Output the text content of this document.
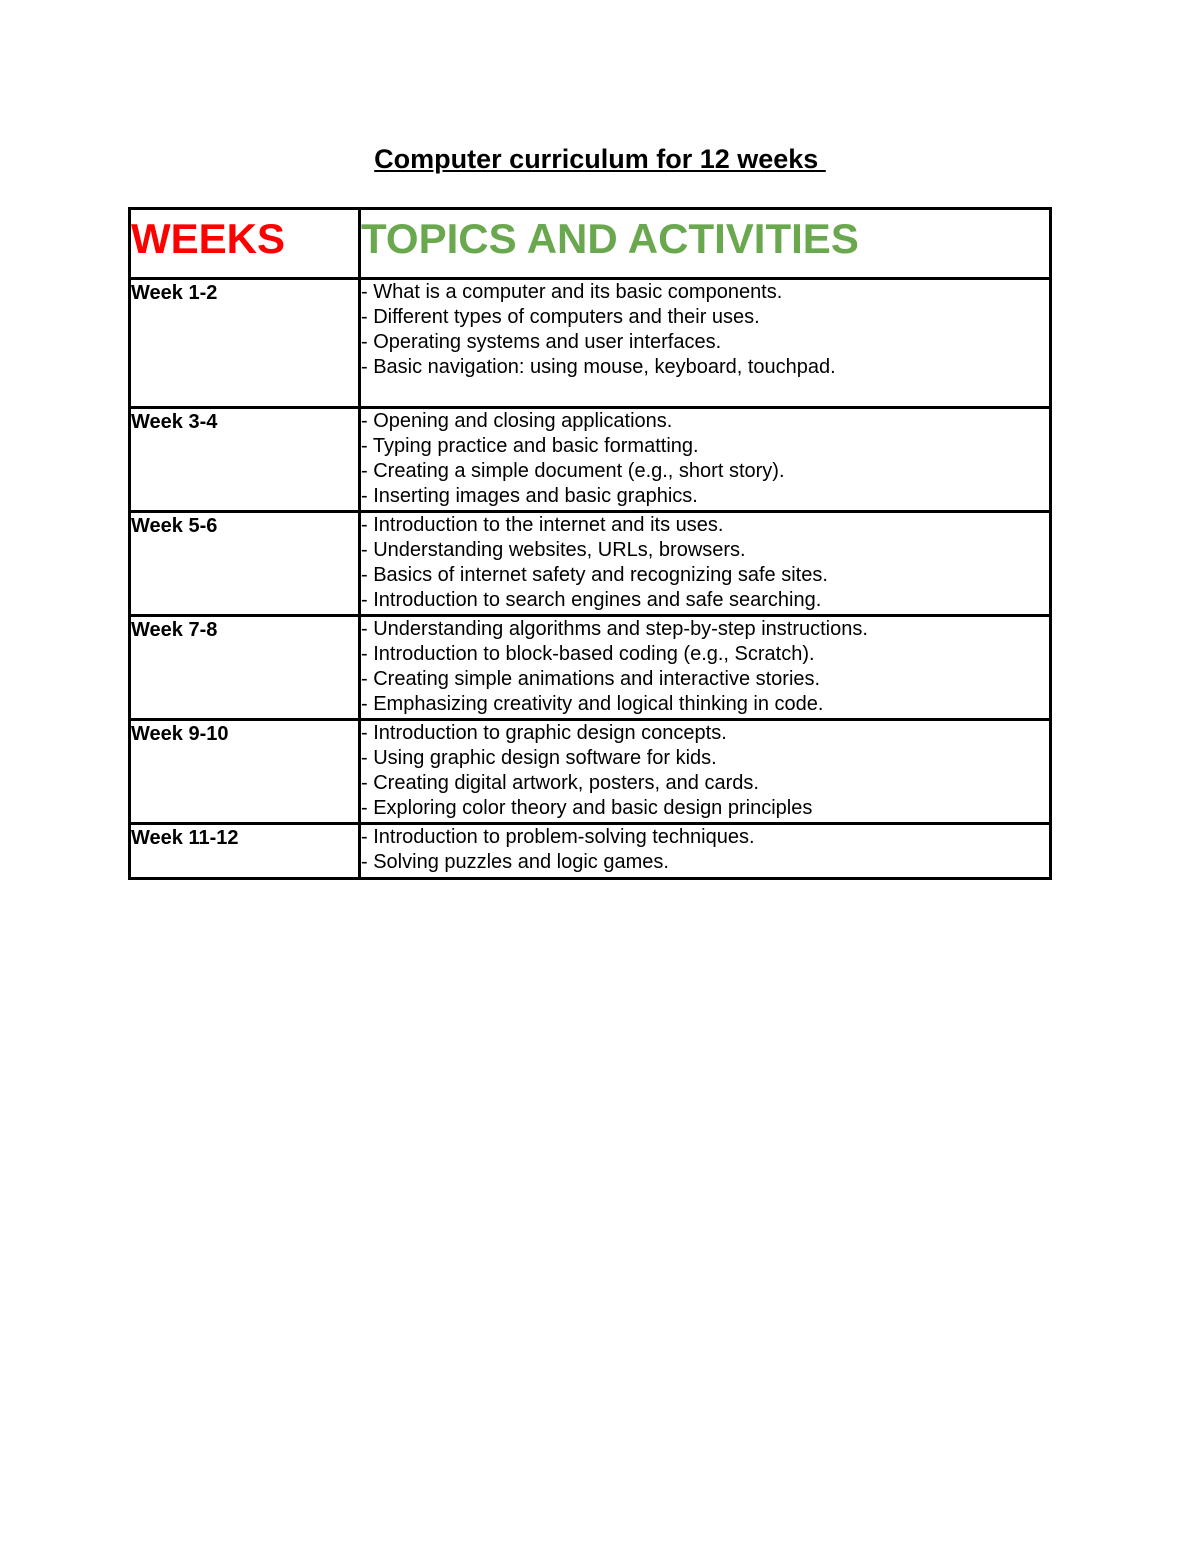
Computer curriculum for 12 weeks
WEEKS	TOPICS AND ACTIVITIES
Week 1-2	- What is a computer and its basic components.
- Different types of computers and their uses.
- Operating systems and user interfaces.
- Basic navigation: using mouse, keyboard, touchpad.

Week 3-4	- Opening and closing applications.
- Typing practice and basic formatting.
- Creating a simple document (e.g., short story).
- Inserting images and basic graphics.

Week 5-6	- Introduction to the internet and its uses.
- Understanding websites, URLs, browsers.
- Basics of internet safety and recognizing safe sites.
- Introduction to search engines and safe searching.

Week 7-8	- Understanding algorithms and step-by-step instructions.
- Introduction to block-based coding (e.g., Scratch).
- Creating simple animations and interactive stories.
- Emphasizing creativity and logical thinking in code.

Week 9-10	- Introduction to graphic design concepts.
- Using graphic design software for kids.
- Creating digital artwork, posters, and cards.
- Exploring color theory and basic design principles

Week 11-12	- Introduction to problem-solving techniques.
- Solving puzzles and logic games.
